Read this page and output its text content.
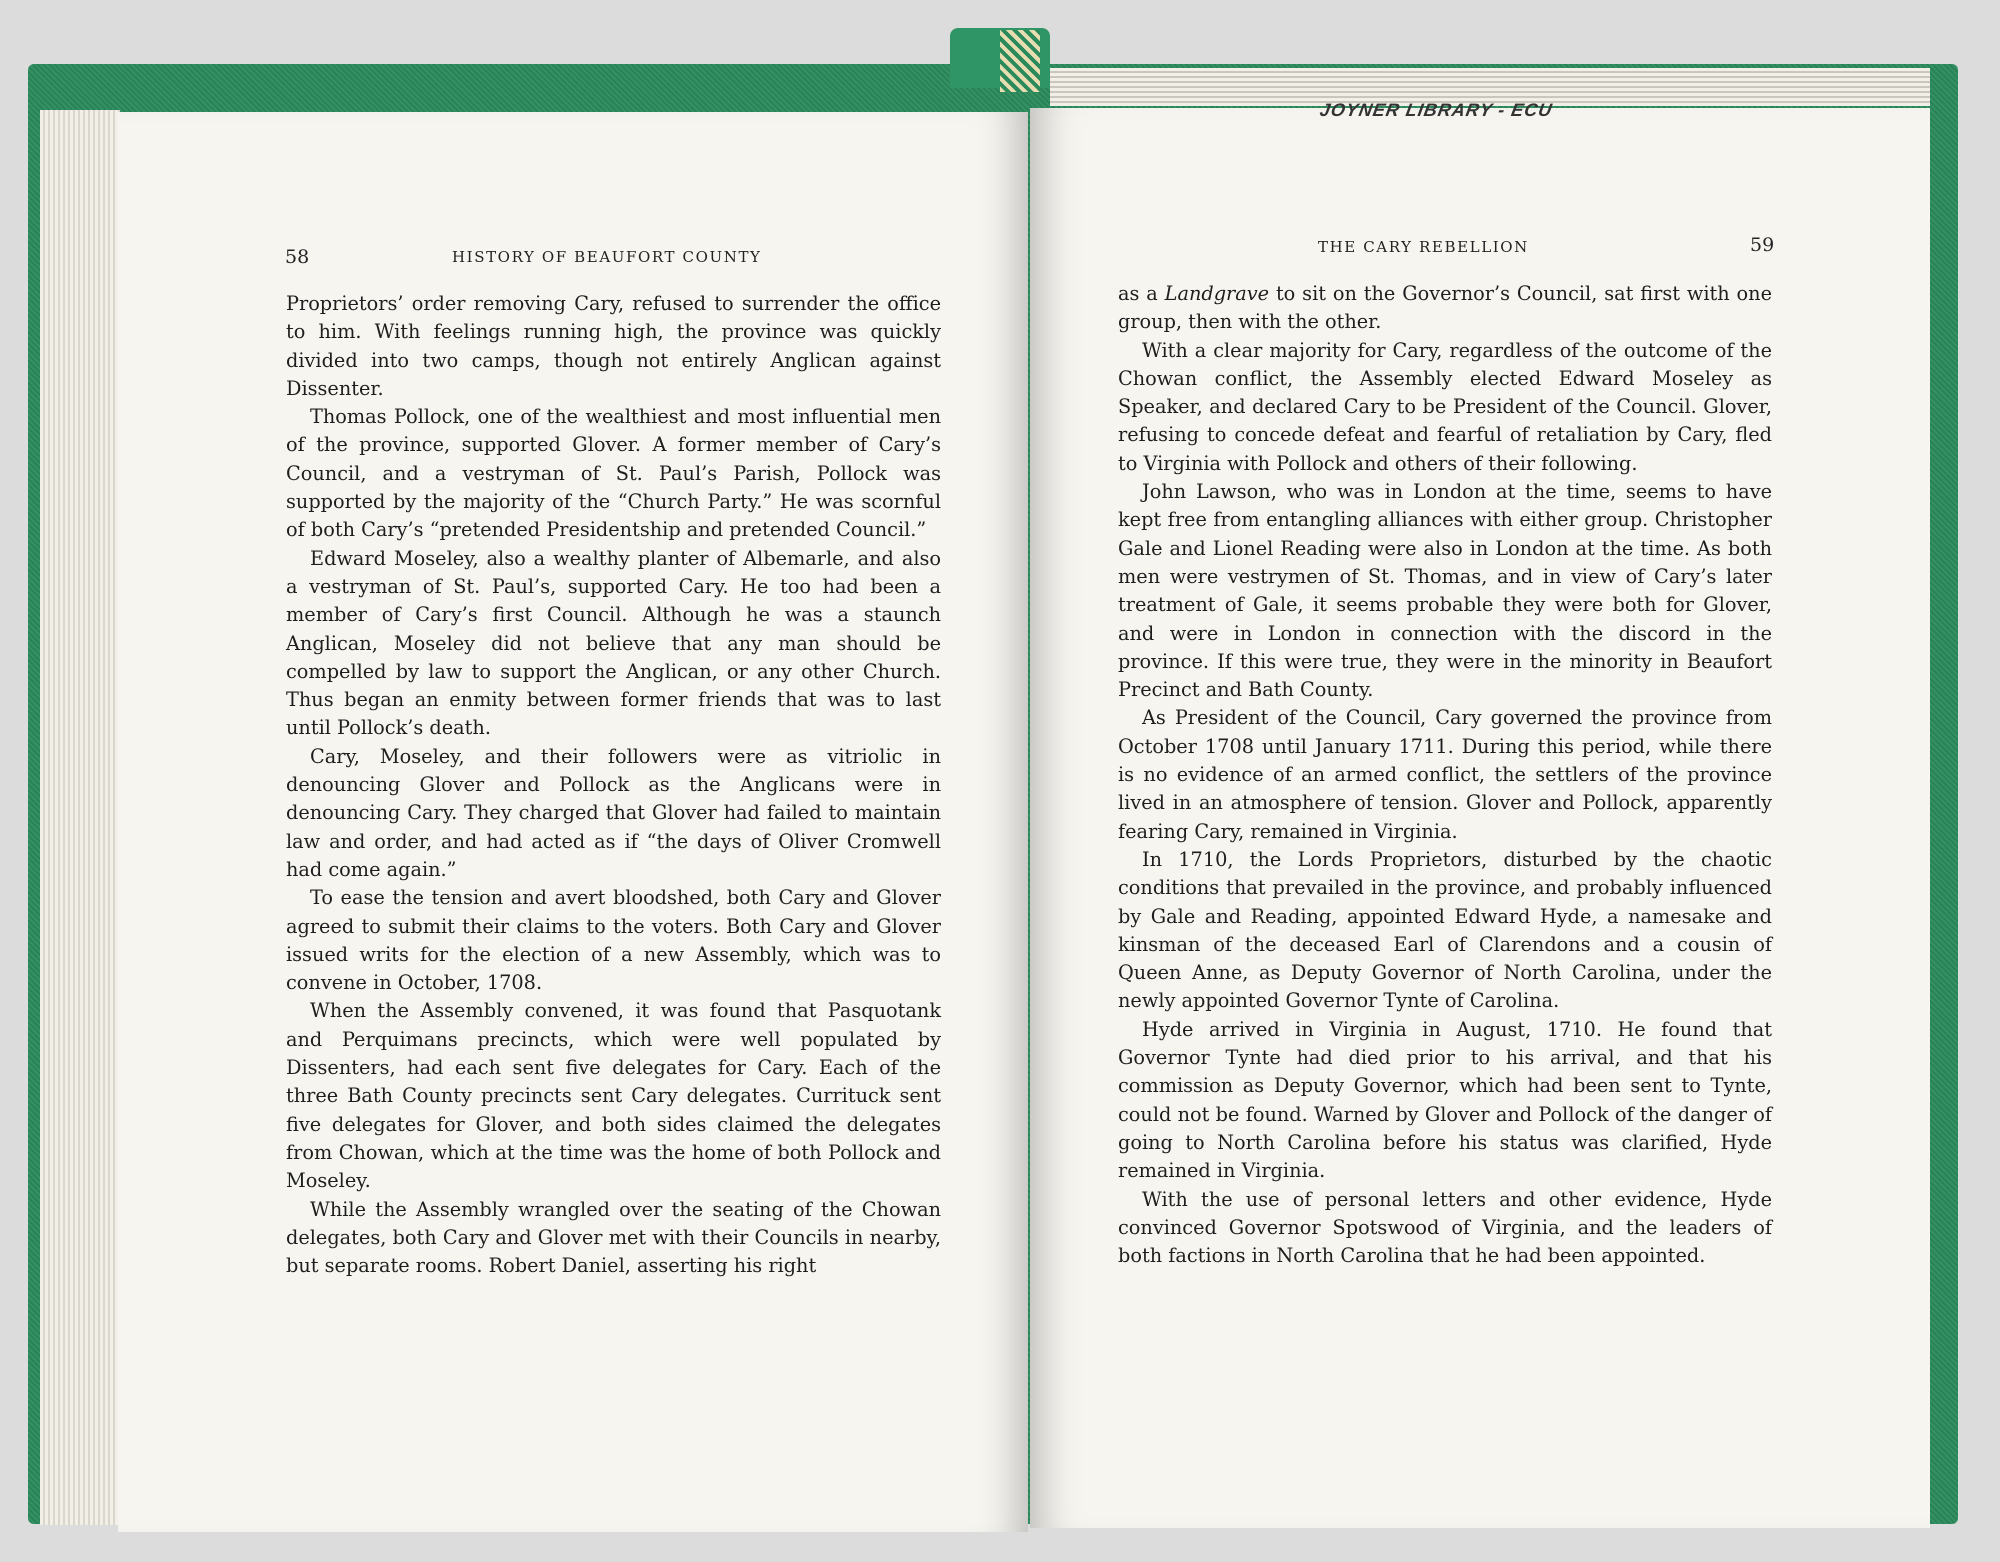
JOYNER LIBRARY - ECU
58	HISTORY OF BEAUFORT COUNTY

Proprietors’ order removing Cary, refused to surrender the office to him. With feelings running high, the province was quickly divided into two camps, though not entirely Anglican against Dissenter.

Thomas Pollock, one of the wealthiest and most influential men of the province, supported Glover. A former member of Cary’s Council, and a vestryman of St. Paul’s Parish, Pollock was supported by the majority of the “Church Party.” He was scornful of both Cary’s “pretended Presidentship and pretended Council.”

Edward Moseley, also a wealthy planter of Albemarle, and also a vestryman of St. Paul’s, supported Cary. He too had been a member of Cary’s first Council. Although he was a staunch Anglican, Moseley did not believe that any man should be compelled by law to support the Anglican, or any other Church. Thus began an enmity between former friends that was to last until Pollock’s death.

Cary, Moseley, and their followers were as vitriolic in denouncing Glover and Pollock as the Anglicans were in denouncing Cary. They charged that Glover had failed to maintain law and order, and had acted as if “the days of Oliver Cromwell had come again.”

To ease the tension and avert bloodshed, both Cary and Glover agreed to submit their claims to the voters. Both Cary and Glover issued writs for the election of a new Assembly, which was to convene in October, 1708.

When the Assembly convened, it was found that Pasquotank and Perquimans precincts, which were well populated by Dissenters, had each sent five delegates for Cary. Each of the three Bath County precincts sent Cary delegates. Currituck sent five delegates for Glover, and both sides claimed the delegates from Chowan, which at the time was the home of both Pollock and Moseley.

While the Assembly wrangled over the seating of the Chowan delegates, both Cary and Glover met with their Councils in nearby, but separate rooms. Robert Daniel, asserting his right

THE CARY REBELLION	59

as a Landgrave to sit on the Governor’s Council, sat first with one group, then with the other.

With a clear majority for Cary, regardless of the outcome of the Chowan conflict, the Assembly elected Edward Moseley as Speaker, and declared Cary to be President of the Council. Glover, refusing to concede defeat and fearful of retaliation by Cary, fled to Virginia with Pollock and others of their following.

John Lawson, who was in London at the time, seems to have kept free from entangling alliances with either group. Christopher Gale and Lionel Reading were also in London at the time. As both men were vestrymen of St. Thomas, and in view of Cary’s later treatment of Gale, it seems probable they were both for Glover, and were in London in connection with the discord in the province. If this were true, they were in the minority in Beaufort Precinct and Bath County.

As President of the Council, Cary governed the province from October 1708 until January 1711. During this period, while there is no evidence of an armed conflict, the settlers of the province lived in an atmosphere of tension. Glover and Pollock, apparently fearing Cary, remained in Virginia.

In 1710, the Lords Proprietors, disturbed by the chaotic conditions that prevailed in the province, and probably influenced by Gale and Reading, appointed Edward Hyde, a namesake and kinsman of the deceased Earl of Clarendons and a cousin of Queen Anne, as Deputy Governor of North Carolina, under the newly appointed Governor Tynte of Carolina.

Hyde arrived in Virginia in August, 1710. He found that Governor Tynte had died prior to his arrival, and that his commission as Deputy Governor, which had been sent to Tynte, could not be found. Warned by Glover and Pollock of the danger of going to North Carolina before his status was clarified, Hyde remained in Virginia.

With the use of personal letters and other evidence, Hyde convinced Governor Spotswood of Virginia, and the leaders of both factions in North Carolina that he had been appointed.
